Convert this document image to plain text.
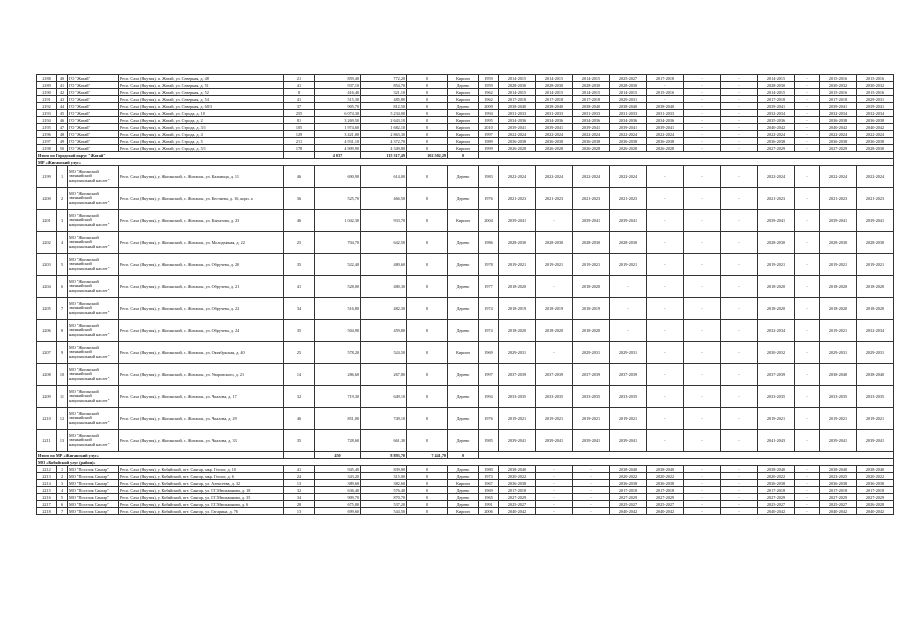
2188	40	ГО "Жатай"	Респ. Саха (Якутия), п. Жатай, ул. Северная, д. 48	21	859,40	772,20	0	Кирпич	1959	2014-2015	2014-2015	2014-2015	2025-2027	2017-2018	-	-	2014-2015	-	2015-2016	2015-2016
2189	41	ГО "Жатай"	Респ. Саха (Якутия), п. Жатай, ул. Северная, д. 51	41	937,10	854,70	0	Дерево	1959	2028-2030	2028-2030	2028-2030	2028-2030	-	-	-	2028-2030	-	2030-2032	2030-2032
2190	42	ГО "Жатай"	Респ. Саха (Якутия), п. Жатай, ул. Северная, д. 52	8	416,40	321,10	0	Кирпич	1962	2014-2015	2014-2015	2014-2015	2014-2015	2015-2016	-	-	2014-2015	-	2015-2016	2015-2016
2191	43	ГО "Жатай"	Респ. Саха (Якутия), п. Жатай, ул. Северная, д. 54	41	515,30	485,80	0	Кирпич	1962	2017-2018	2017-2018	2017-2018	2029-2031	-	-	-	2017-2018	-	2017-2018	2029-2031
2192	44	ГО "Жатай"	Респ. Саха (Якутия), п. Жатай, ул. Северная, д. 60/3	37	905,70	812,50	0	Дерево	2009	2038-2040	2038-2040	2038-2040	2038-2040	2038-2040	-	-	2039-2041	-	2039-2041	2039-2041
2193	45	ГО "Жатай"	Респ. Саха (Якутия), п. Жатай, ул. Строда, д. 10	255	6 074,30	5 234,00	0	Кирпич	1994	2031-2033	2031-2033	2031-2033	2031-2033	2031-2033	-	-	2032-2034	-	2032-2034	2032-2034
2194	46	ГО "Жатай"	Респ. Саха (Якутия), п. Жатай, ул. Строда, д. 2	81	3 269,50	2 643,10	0	Кирпич	1995	2034-2036	2034-2036	2034-2036	2034-2036	2034-2036	-	-	2035-2036	-	2036-2038	2036-2038
2195	47	ГО "Жатай"	Респ. Саха (Якутия), п. Жатай, ул. Строда, д. 3/1	105	1 974,60	1 682,10	0	Кирпич	2010	2039-2041	2039-2041	2039-2041	2039-2041	2039-2041	-	-	2040-2042	-	2040-2042	2040-2042
2196	48	ГО "Жатай"	Респ. Саха (Якутия), п. Жатай, ул. Строда, д. 4	129	3 421,00	2 863,30	0	Кирпич	1997	2022-2024	2022-2024	2022-2024	2022-2024	2022-2024	-	-	2022-2024	-	2022-2024	2022-2024
2197	49	ГО "Жатай"	Респ. Саха (Якутия), п. Жатай, ул. Строда, д. 5	211	4 931,10	4 372,70	0	Кирпич	1989	2036-2038	2036-2038	2036-2038	2036-2038	2036-2038	-	-	2036-2038	-	2036-2038	2036-2038
2198	50	ГО "Жатай"	Респ. Саха (Якутия), п. Жатай, ул. Строда, д. 5/1	178	4 909,90	4 349,80	0	Кирпич	1999	2026-2028	2026-2028	2026-2028	2026-2028	2026-2028	-	-	2027-2029	-	2027-2029	2028-2030
Итого по Городской округ "Жатай"					4 037	115 317,49	102 502,29	0												
МР «Жиганский улус»																				
2199	1	МО "Жиганский эвенкийский национальный наслег"	Респ. Саха (Якутия), у. Жиганский, с. Жиганск, ул. Кальвица, д. 11	46	690,90	614,00	0	Дерево	1983	2022-2024	2022-2024	2022-2024	2022-2024	-	-	-	2022-2024	-	2022-2024	2022-2024
2200	2	МО "Жиганский эвенкийский национальный наслег"	Респ. Саха (Якутия), у. Жиганский, с. Жиганск, ул. Кестнева, д. 16, корп. а	36	525,70	466,50	0	Дерево	1976	2021-2023	2021-2023	2021-2023	2021-2023	-	-	-	2021-2023	-	2021-2023	2021-2023
2201	3	МО "Жиганский эвенкийский национальный наслег"	Респ. Саха (Якутия), у. Жиганский, с. Жиганск, ул. Кычатова, д. 23	46	1 042,30	933,70	0	Кирпич	2004	2039-2041	-	2039-2041	2039-2041	-	-	-	2039-2041	-	2039-2041	2039-2041
2202	4	МО "Жиганский эвенкийский национальный наслег"	Респ. Саха (Якутия), у. Жиганский, с. Жиганск, ул. Молодежная, д. 22	25	704,70	642,50	0	Дерево	1986	2028-2030	2028-2030	2028-2030	2028-2030	-	-	-	2028-2030	-	2028-2030	2028-2030
2203	5	МО "Жиганский эвенкийский национальный наслег"	Респ. Саха (Якутия), у. Жиганский, с. Жиганск, ул. Обручева, д. 20	35	522,40	480,60	0	Дерево	1978	2019-2021	2019-2021	2019-2021	2019-2021	-	-	-	2019-2021	-	2019-2021	2019-2021
2204	6	МО "Жиганский эвенкийский национальный наслег"	Респ. Саха (Якутия), у. Жиганский, с. Жиганск, ул. Обручева, д. 21	41	528,00	480,30	0	Дерево	1977	2018-2020	-	2018-2020	-	-	-	-	2018-2020	-	2018-2020	2018-2020
2205	7	МО "Жиганский эвенкийский национальный наслег"	Респ. Саха (Якутия), у. Жиганский, с. Жиганск, ул. Обручева, д. 22	34	516,80	482,30	0	Дерево	1974	2018-2019	2018-2019	2018-2019	-	-	-	-	2018-2020	-	2018-2020	2018-2020
2206	8	МО "Жиганский эвенкийский национальный наслег"	Респ. Саха (Якутия), у. Жиганский, с. Жиганск, ул. Обручева, д. 24	35	504,90	459,80	0	Дерево	1974	2018-2020	2018-2020	2018-2020	-	-	-	-	2032-2034	-	2019-2021	2032-2034
2207	9	МО "Жиганский эвенкийский национальный наслег"	Респ. Саха (Якутия), у. Жиганский, с. Жиганск, ул. Октябрьская, д. 40	25	578,20	524,50	0	Кирпич	1969	2029-2031	-	2029-2031	2029-2031	-	-	-	2030-2032	-	2029-2031	2029-2031
2208	10	МО "Жиганский эвенкийский национальный наслег"	Респ. Саха (Якутия), у. Жиганский, с. Жиганск, ул. Уваровского, д. 21	14	286,60	267,80	0	Дерево	1997	2037-2039	2037-2039	2037-2039	2037-2039	-	-	-	2037-2039	-	2038-2040	2038-2040
2209	11	МО "Жиганский эвенкийский национальный наслег"	Респ. Саха (Якутия), у. Жиганский, с. Жиганск, ул. Чкалова, д. 17	32	719,30	649,10	0	Дерево	1994	2033-2035	2033-2035	2033-2035	2033-2035	-	-	-	2033-2035	-	2033-2035	2033-2035
2210	12	МО "Жиганский эвенкийский национальный наслег"	Респ. Саха (Якутия), у. Жиганский, с. Жиганск, ул. Чкалова, д. 29	46	851,00	749,10	0	Дерево	1976	2019-2021	2019-2021	2019-2021	2019-2021	-	-	-	2019-2021	-	2019-2021	2019-2021
2211	13	МО "Жиганский эвенкийский национальный наслег"	Респ. Саха (Якутия), у. Жиганский, с. Жиганск, ул. Чкалова, д. 33	35	728,60	661,30	0	Дерево	1985	2039-2041	2039-2041	2039-2041	2039-2041	-	-	-	2041-2043	-	2039-2041	2039-2041
Итого по МР «Жиганский улус»					450	8 893,70	7 441,70	0												
МО «Кобяйский улус (район)»																				
2212	1	МО "Поселок Сангар"	Респ. Саха (Якутия), у. Кобяйский, пгт. Сангар, мкр. Геолог, д. 10	41	945,40	839,00	0	Дерево	1980	2038-2040	-	-	2038-2040	2038-2040	-	-	2038-2040	-	2038-2040	2038-2040
2213	2	МО "Поселок Сангар"	Респ. Саха (Якутия), у. Кобяйский, пгт. Сангар, мкр. Геолог, д. 6	24	343,20	315,00	0	Дерево	1973	2020-2022	-	-	2020-2022	2020-2022	-	-	2020-2022	-	2023-2025	2020-2022
2214	3	МО "Поселок Сангар"	Респ. Саха (Якутия), у. Кобяйский, пгт. Сангар, ул. Алексеева, д. 32	13	389,60	382,60	0	Кирпич	1967	2036-2038	-	-	2036-2038	2036-2038	-	-	2036-2038	-	2036-2038	2036-2038
2215	4	МО "Поселок Сангар"	Респ. Саха (Якутия), у. Кобяйский, пгт. Сангар, ул. Г.Г.Мюльванова, д. 18	32	636,40	576,40	0	Дерево	1969	2017-2018	-	-	2017-2018	2017-2018	-	-	2017-2018	-	2017-2018	2017-2018
2216	5	МО "Поселок Сангар"	Респ. Саха (Якутия), у. Кобяйский, пгт. Сангар, ул. Г.Г.Мюльванова, д. 35	34	909,70	870,70	0	Дерево	1965	2027-2029	-	-	2027-2029	2027-2029	-	-	2027-2029	-	2027-2029	2027-2029
2217	6	МО "Поселок Сангар"	Респ. Саха (Якутия), у. Кобяйский, пгт. Сангар, ул. Г.Г.Мюльванова, д. 6	28	675,00	537,20	0	Дерево	1991	2025-2027	-	-	2025-2027	2025-2027	-	-	2025-2027	-	2025-2027	2026-2028
2218	7	МО "Поселок Сангар"	Респ. Саха (Якутия), у. Кобяйский, пгт. Сангар, ул. Гагарина, д. 76	13	699,60	544,50	0	Кирпич	2006	2040-2042	-	-	2040-2042	2040-2042	-	-	2040-2042	-	2040-2042	2040-2042
